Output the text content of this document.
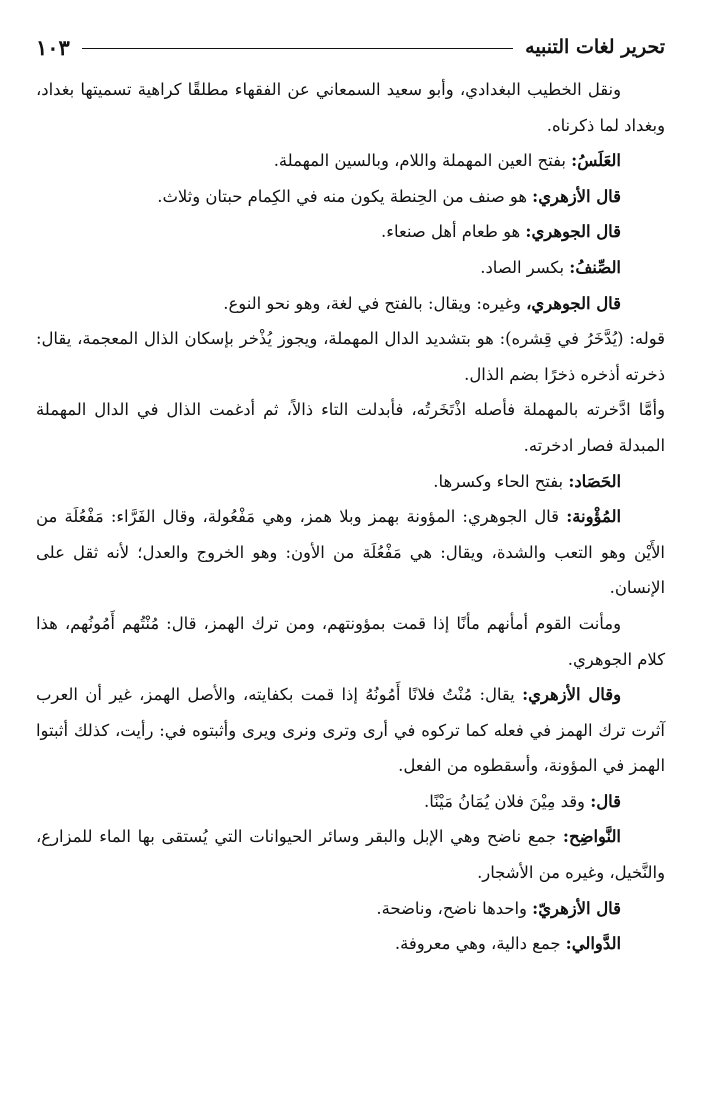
تحرير لغات التنبيه
١٠٣

ونقل الخطيب البغدادي، وأبو سعيد السمعاني عن الفقهاء مطلقًا كراهية تسميتها بغداد، وبغداد لما ذكرناه.

العَلَسُ: بفتح العين المهملة واللام، وبالسين المهملة.

قال الأزهري: هو صنف من الحِنطة يكون منه في الكِمام حبتان وثلاث.

قال الجوهري: هو طعام أهل صنعاء.

الصِّنفُ: بكسر الصاد.

قال الجوهري، وغيره: ويقال: بالفتح في لغة، وهو نحو النوع.

قوله: (يُدَّخَرُ في قِشره): هو بتشديد الدال المهملة، ويجوز يُذْخر بإسكان الذال المعجمة، يقال: ذخرته أذخره ذخرًا بضم الذال.

وأمَّا ادَّخرته بالمهملة فأصله اذْتَخَرتُه، فأبدلت التاء ذالاً، ثم أدغمت الذال في الدال المهملة المبدلة فصار ادخرته.

الحَصَاد: بفتح الحاء وكسرها.

المُؤْونة: قال الجوهري: المؤونة بهمز وبلا همز، وهي مَفْعُولة، وقال الفَرَّاء: مَفْعُلَة من الأَيْن وهو التعب والشدة، ويقال: هي مَفْعُلَة من الأون: وهو الخروج والعدل؛ لأنه ثقل على الإنسان.

ومأنت القوم أمأنهم مأنًا إذا قمت بمؤونتهم، ومن ترك الهمز، قال: مُنْتُهم أَمُونُهم، هذا كلام الجوهري.

وقال الأزهري: يقال: مُنْتُ فلانًا أَمُونُهُ إذا قمت بكفايته، والأصل الهمز، غير أن العرب آثرت ترك الهمز في فعله كما تركوه في أرى وترى ونرى ويرى وأثبتوه في: رأيت، كذلك أثبتوا الهمز في المؤونة، وأسقطوه من الفعل.

قال: وقد مِيْنَ فلان يُمَانُ مَيْنًا.

النَّواضِح: جمع ناضح وهي الإبل والبقر وسائر الحيوانات التي يُستقى بها الماء للمزارع، والنَّخيل، وغيره من الأشجار.

قال الأزهريّ: واحدها ناضح، وناضحة.

الدَّوالي: جمع دالية، وهي معروفة.
